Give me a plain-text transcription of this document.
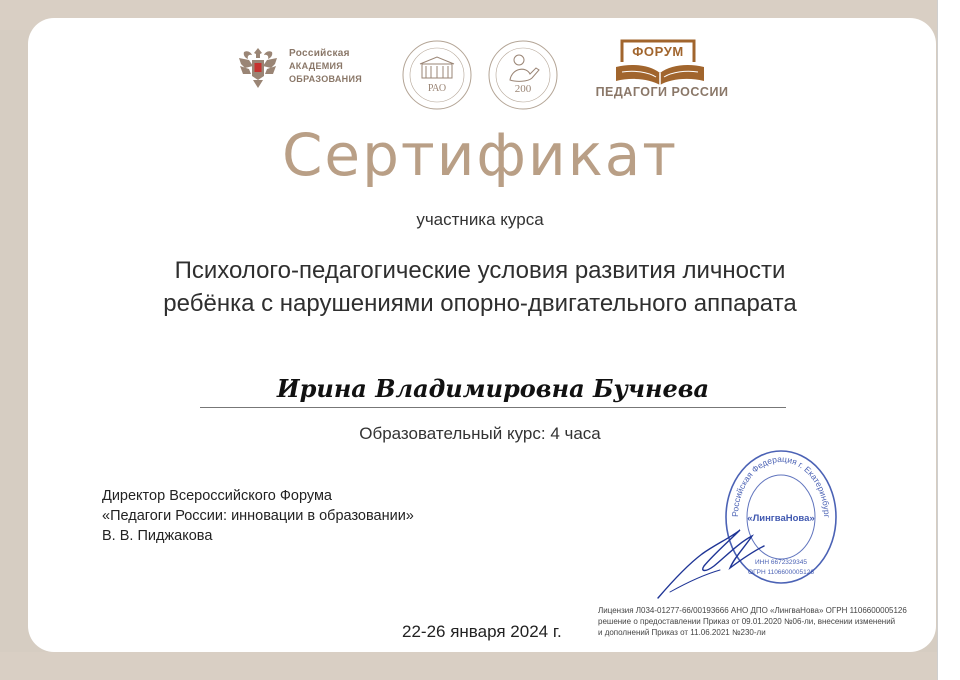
Российская
АКАДЕМИЯ
ОБРАЗОВАНИЯ
РАО	200
ФОРУМ
ПЕДАГОГИ РОССИИ
Сертификат
участника курса
Психолого-педагогические условия развития личности
ребёнка с нарушениями опорно-двигательного аппарата
Ирина Владимировна Бучнева
Образовательный курс: 4 часа
Директор Всероссийского Форума
«Педагоги России: инновации в образовании»
В. В. Пиджакова
Российская Федерация г. Екатеринбург
«ЛингваНова»
ИНН 6672329345
ОГРН 1106600005126
Лицензия Л034-01277-66/00193666 АНО ДПО «ЛингваНова» ОГРН 1106600005126
решение о предоставлении Приказ от 09.01.2020 №06-ли, внесении изменений
и дополнений Приказ от 11.06.2021 №230-ли
22-26 января 2024 г.
